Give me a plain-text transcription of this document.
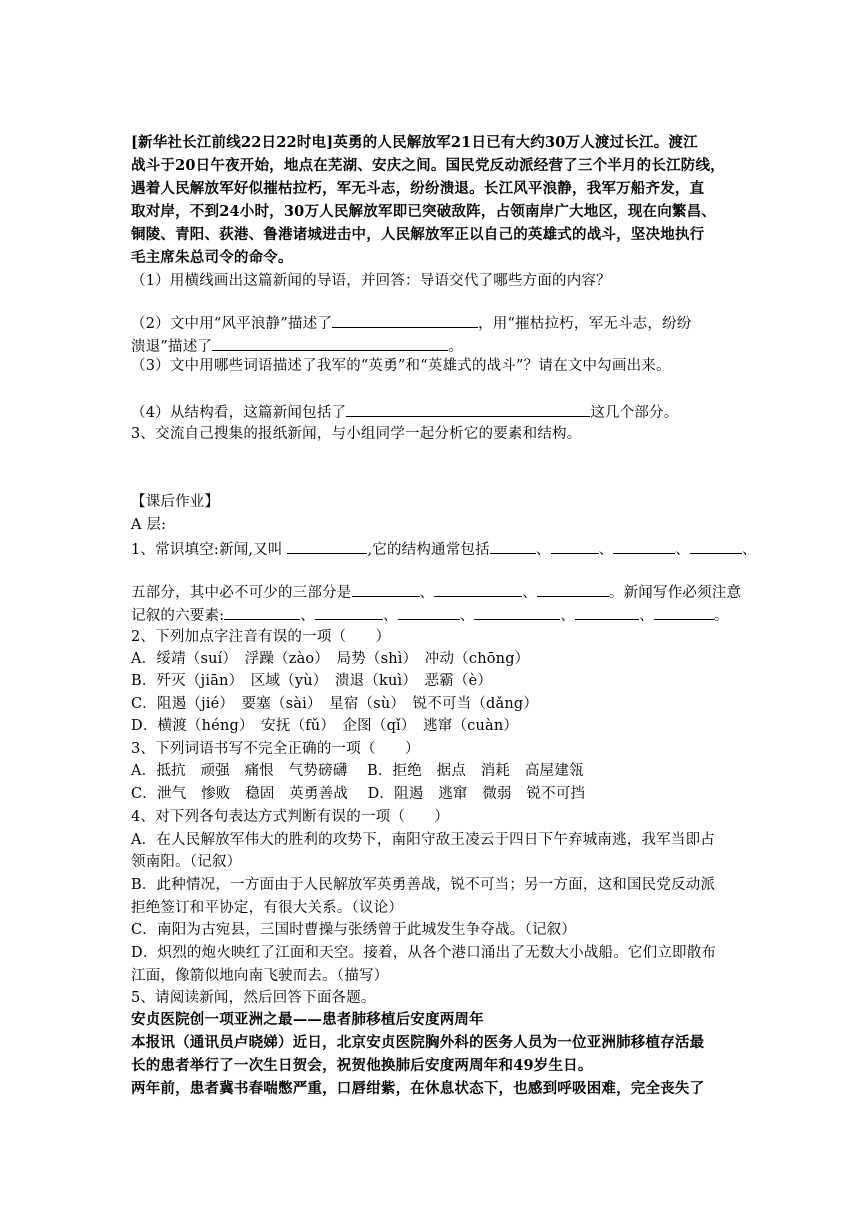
[新华社长江前线22日22时电]英勇的人民解放军21日已有大约30万人渡过长江。渡江
战斗于20日午夜开始，地点在芜湖、安庆之间。国民党反动派经营了三个半月的长江防线，
遇着人民解放军好似摧枯拉朽，军无斗志，纷纷溃退。长江风平浪静，我军万船齐发，直
取对岸，不到24小时，30万人民解放军即已突破敌阵，占领南岸广大地区，现在向繁昌、
铜陵、青阳、荻港、鲁港诸城进击中，人民解放军正以自己的英雄式的战斗，坚决地执行
毛主席朱总司令的命令。
（1）用横线画出这篇新闻的导语，并回答：导语交代了哪些方面的内容？
（2）文中用“风平浪静”描述了	，用“摧枯拉朽，军无斗志，纷纷
溃退”描述了	。
（3）文中用哪些词语描述了我军的“英勇”和“英雄式的战斗”？请在文中勾画出来。
（4）从结构看，这篇新闻包括了	这几个部分。
3、交流自己搜集的报纸新闻，与小组同学一起分析它的要素和结构。
【课后作业】
A 层:
1、常识填空:新闻,又叫	,它的结构通常包括	、	、	、	、
五部分，其中必不可少的三部分是	、	、	。新闻写作必须注意
记叙的六要素:	、	、	、	、	、	。
2、下列加点字注音有误的一项（　　）
A．绥靖（suí）　浮躁（zào）　局势（shì）　冲动（chōng）
B．歼灭（jiān）　区域（yù）　溃退（kuì）　恶霸（è）
C．阻遏（jié）　要塞（sài）　星宿（sù）　锐不可当（dǎng）
D．横渡（héng）　安抚（fǔ）　企图（qǐ）　逃窜（cuàn）
3、下列词语书写不完全正确的一项（　　）
A．抵抗　顽强　痛恨　气势磅礴　 B．拒绝　据点　消耗　高屋建瓴
C．泄气　惨败　稳固　英勇善战　 D．阻遏　逃窜　微弱　锐不可挡
4、对下列各句表达方式判断有误的一项（　　）
A．在人民解放军伟大的胜利的攻势下，南阳守敌王凌云于四日下午弃城南逃，我军当即占
领南阳。（记叙）
B．此种情况，一方面由于人民解放军英勇善战，锐不可当；另一方面，这和国民党反动派
拒绝签订和平协定，有很大关系。（议论）
C．南阳为古宛县，三国时曹操与张绣曾于此城发生争夺战。（记叙）
D．炽烈的炮火映红了江面和天空。接着，从各个港口涌出了无数大小战船。它们立即散布
江面，像箭似地向南飞驶而去。（描写）
5、请阅读新闻，然后回答下面各题。
安贞医院创一项亚洲之最——患者肺移植后安度两周年
本报讯（通讯员卢晓娣）近日，北京安贞医院胸外科的医务人员为一位亚洲肺移植存活最
长的患者举行了一次生日贺会，祝贺他换肺后安度两周年和49岁生日。
两年前，患者冀书春喘憋严重，口唇绀紫，在休息状态下，也感到呼吸困难，完全丧失了
